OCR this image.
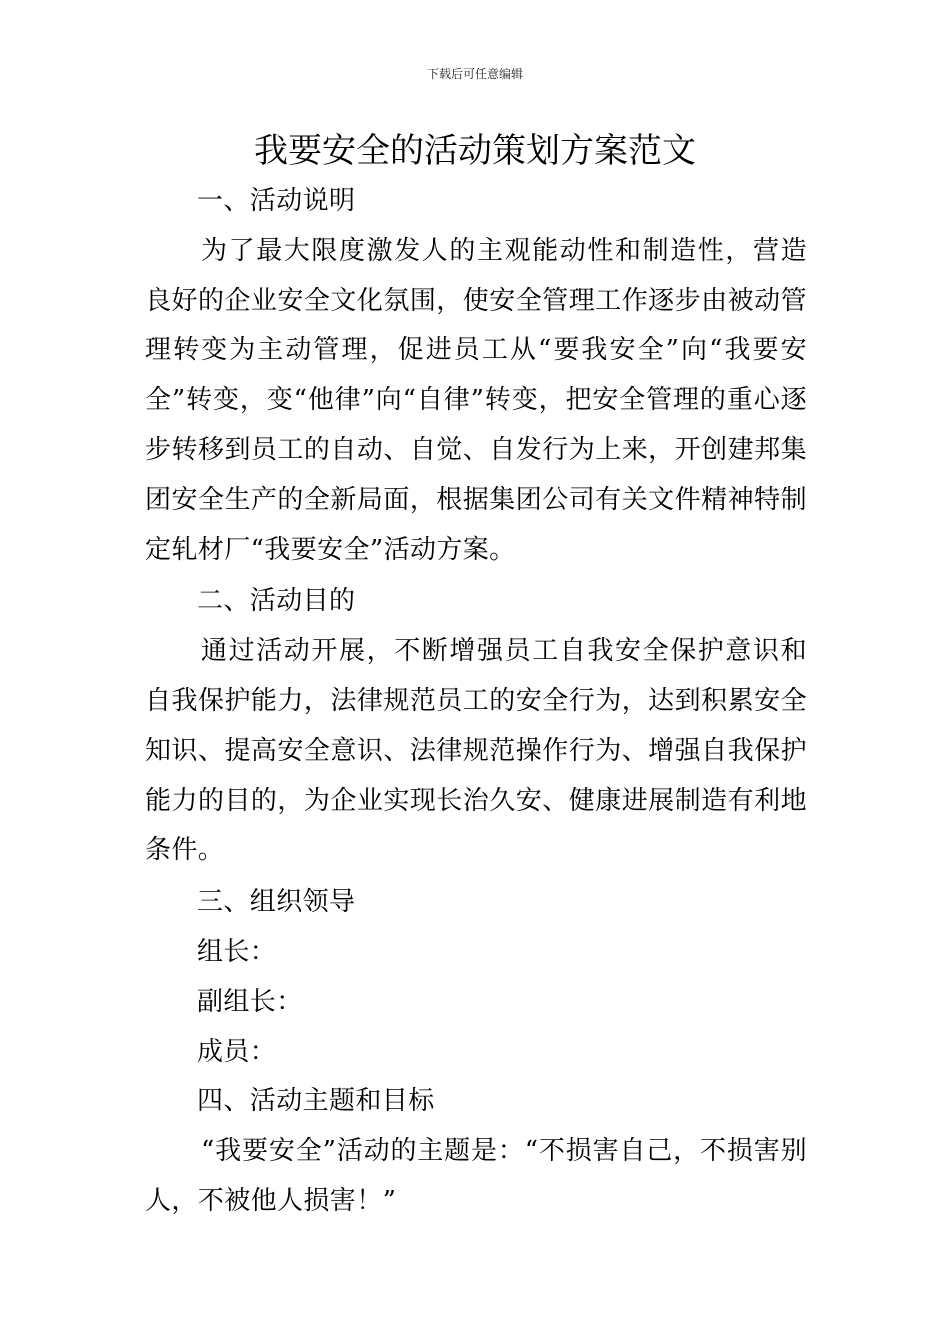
下载后可任意编辑
我要安全的活动策划方案范文

一、活动说明

为了最大限度激发人的主观能动性和制造性，营造良好的企业安全文化氛围，使安全管理工作逐步由被动管理转变为主动管理，促进员工从“要我安全”向“我要安全”转变，变“他律”向“自律”转变，把安全管理的重心逐步转移到员工的自动、自觉、自发行为上来，开创建邦集团安全生产的全新局面，根据集团公司有关文件精神特制定轧材厂“我要安全”活动方案。

二、活动目的

通过活动开展，不断增强员工自我安全保护意识和自我保护能力，法律规范员工的安全行为，达到积累安全知识、提高安全意识、法律规范操作行为、增强自我保护能力的目的，为企业实现长治久安、健康进展制造有利地条件。

三、组织领导

组长：

副组长：

成员：

四、活动主题和目标

“我要安全”活动的主题是：“不损害自己，不损害别人，不被他人损害！”
